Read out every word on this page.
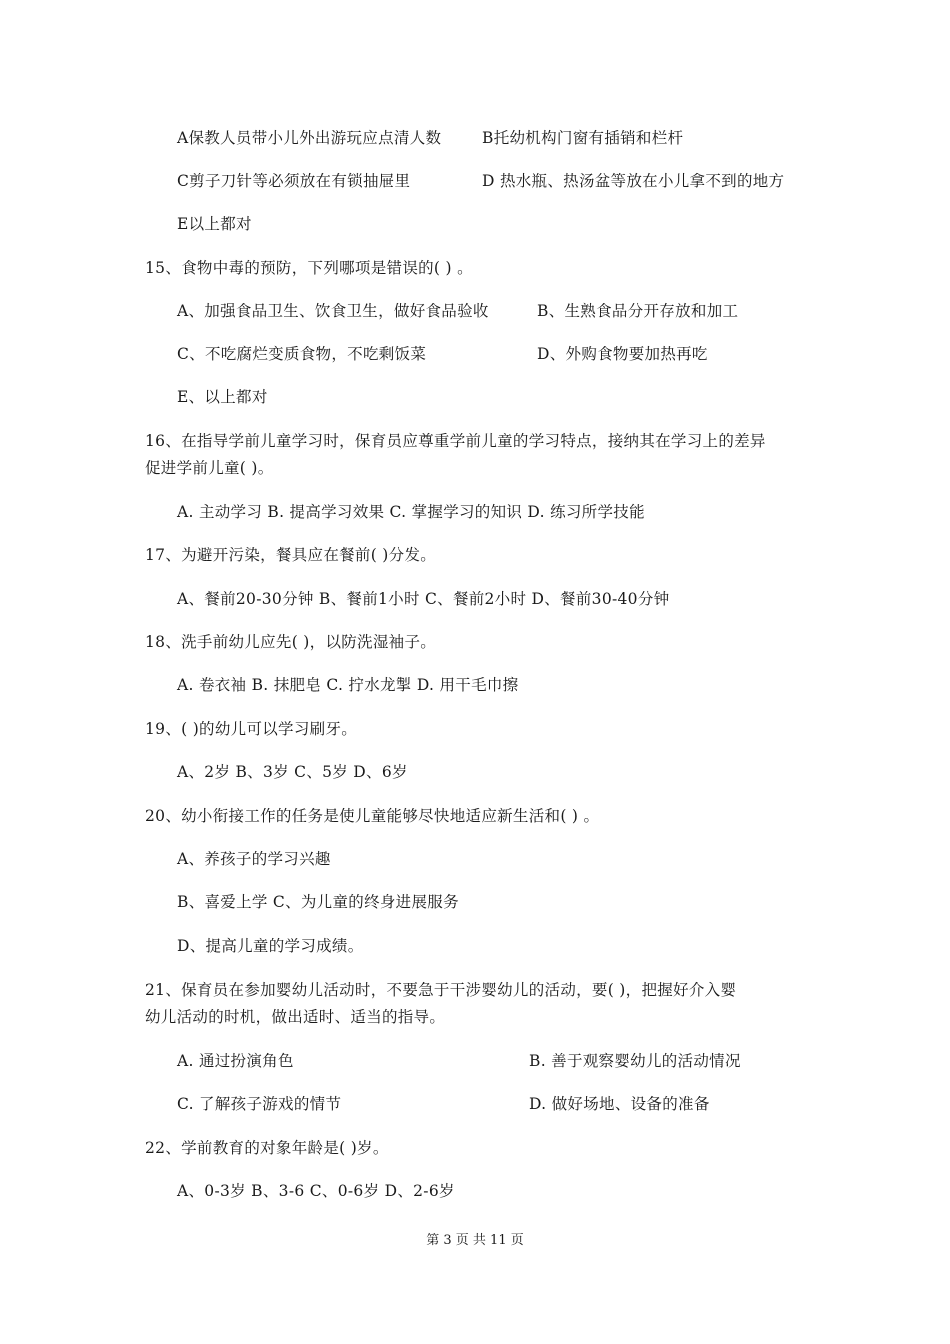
A保教人员带小儿外出游玩应点清人数	B托幼机构门窗有插销和栏杆
C剪子刀针等必须放在有锁抽屉里	D 热水瓶、热汤盆等放在小儿拿不到的地方
E以上都对
15、食物中毒的预防，下列哪项是错误的( ) 。
A、加强食品卫生、饮食卫生，做好食品验收	B、生熟食品分开存放和加工
C、不吃腐烂变质食物，不吃剩饭菜	D、外购食物要加热再吃
E、以上都对
16、在指导学前儿童学习时，保育员应尊重学前儿童的学习特点，接纳其在学习上的差异
促进学前儿童( )。
A. 主动学习 B. 提高学习效果 C. 掌握学习的知识 D. 练习所学技能
17、为避开污染，餐具应在餐前( )分发。
A、餐前20-30分钟 B、餐前1小时 C、餐前2小时 D、餐前30-40分钟
18、洗手前幼儿应先( )，以防洗湿袖子。
A. 卷衣袖 B. 抹肥皂 C. 拧水龙掣 D. 用干毛巾擦
19、( )的幼儿可以学习刷牙。
A、2岁 B、3岁 C、5岁 D、6岁
20、幼小衔接工作的任务是使儿童能够尽快地适应新生活和( ) 。
A、养孩子的学习兴趣
B、喜爱上学 C、为儿童的终身进展服务
D、提高儿童的学习成绩。
21、保育员在参加婴幼儿活动时，不要急于干涉婴幼儿的活动，要( )，把握好介入婴
幼儿活动的时机，做出适时、适当的指导。
A. 通过扮演角色	B. 善于观察婴幼儿的活动情况
C. 了解孩子游戏的情节	D. 做好场地、设备的准备
22、学前教育的对象年龄是( )岁。
A、0-3岁 B、3-6 C、0-6岁 D、2-6岁
第 3 页 共 11 页
